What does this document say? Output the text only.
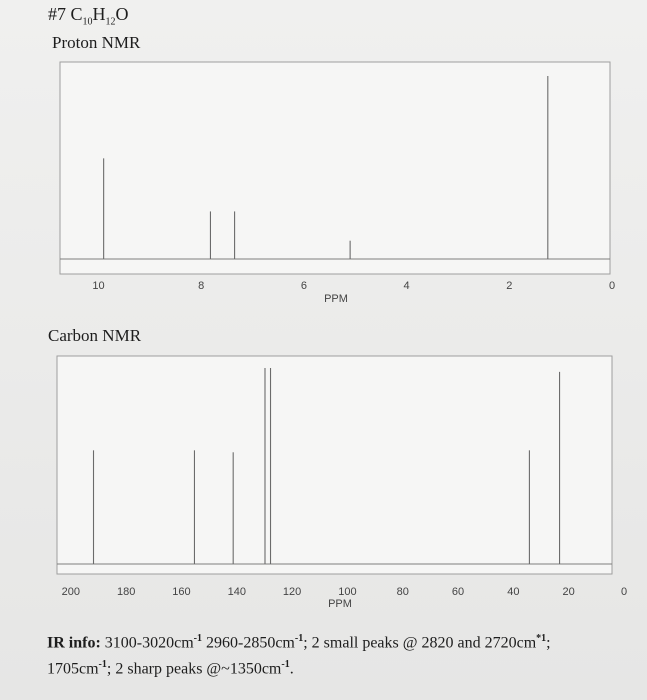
#7 $C_{10}H_{12}O$
Proton NMR
10	8	6	4	2	0
PPM
Carbon NMR
200	180	160	140	120	100	80	60	40	20	0
PPM
IR info: $3100-3020cm^{-1}$ $2960-2850cm^{-1}$; 2 small peaks @ 2820 and $2720cm^{*1}$;
$1705cm^{-1}$; 2 sharp peaks $@\sim 1350cm^{-1}$.
